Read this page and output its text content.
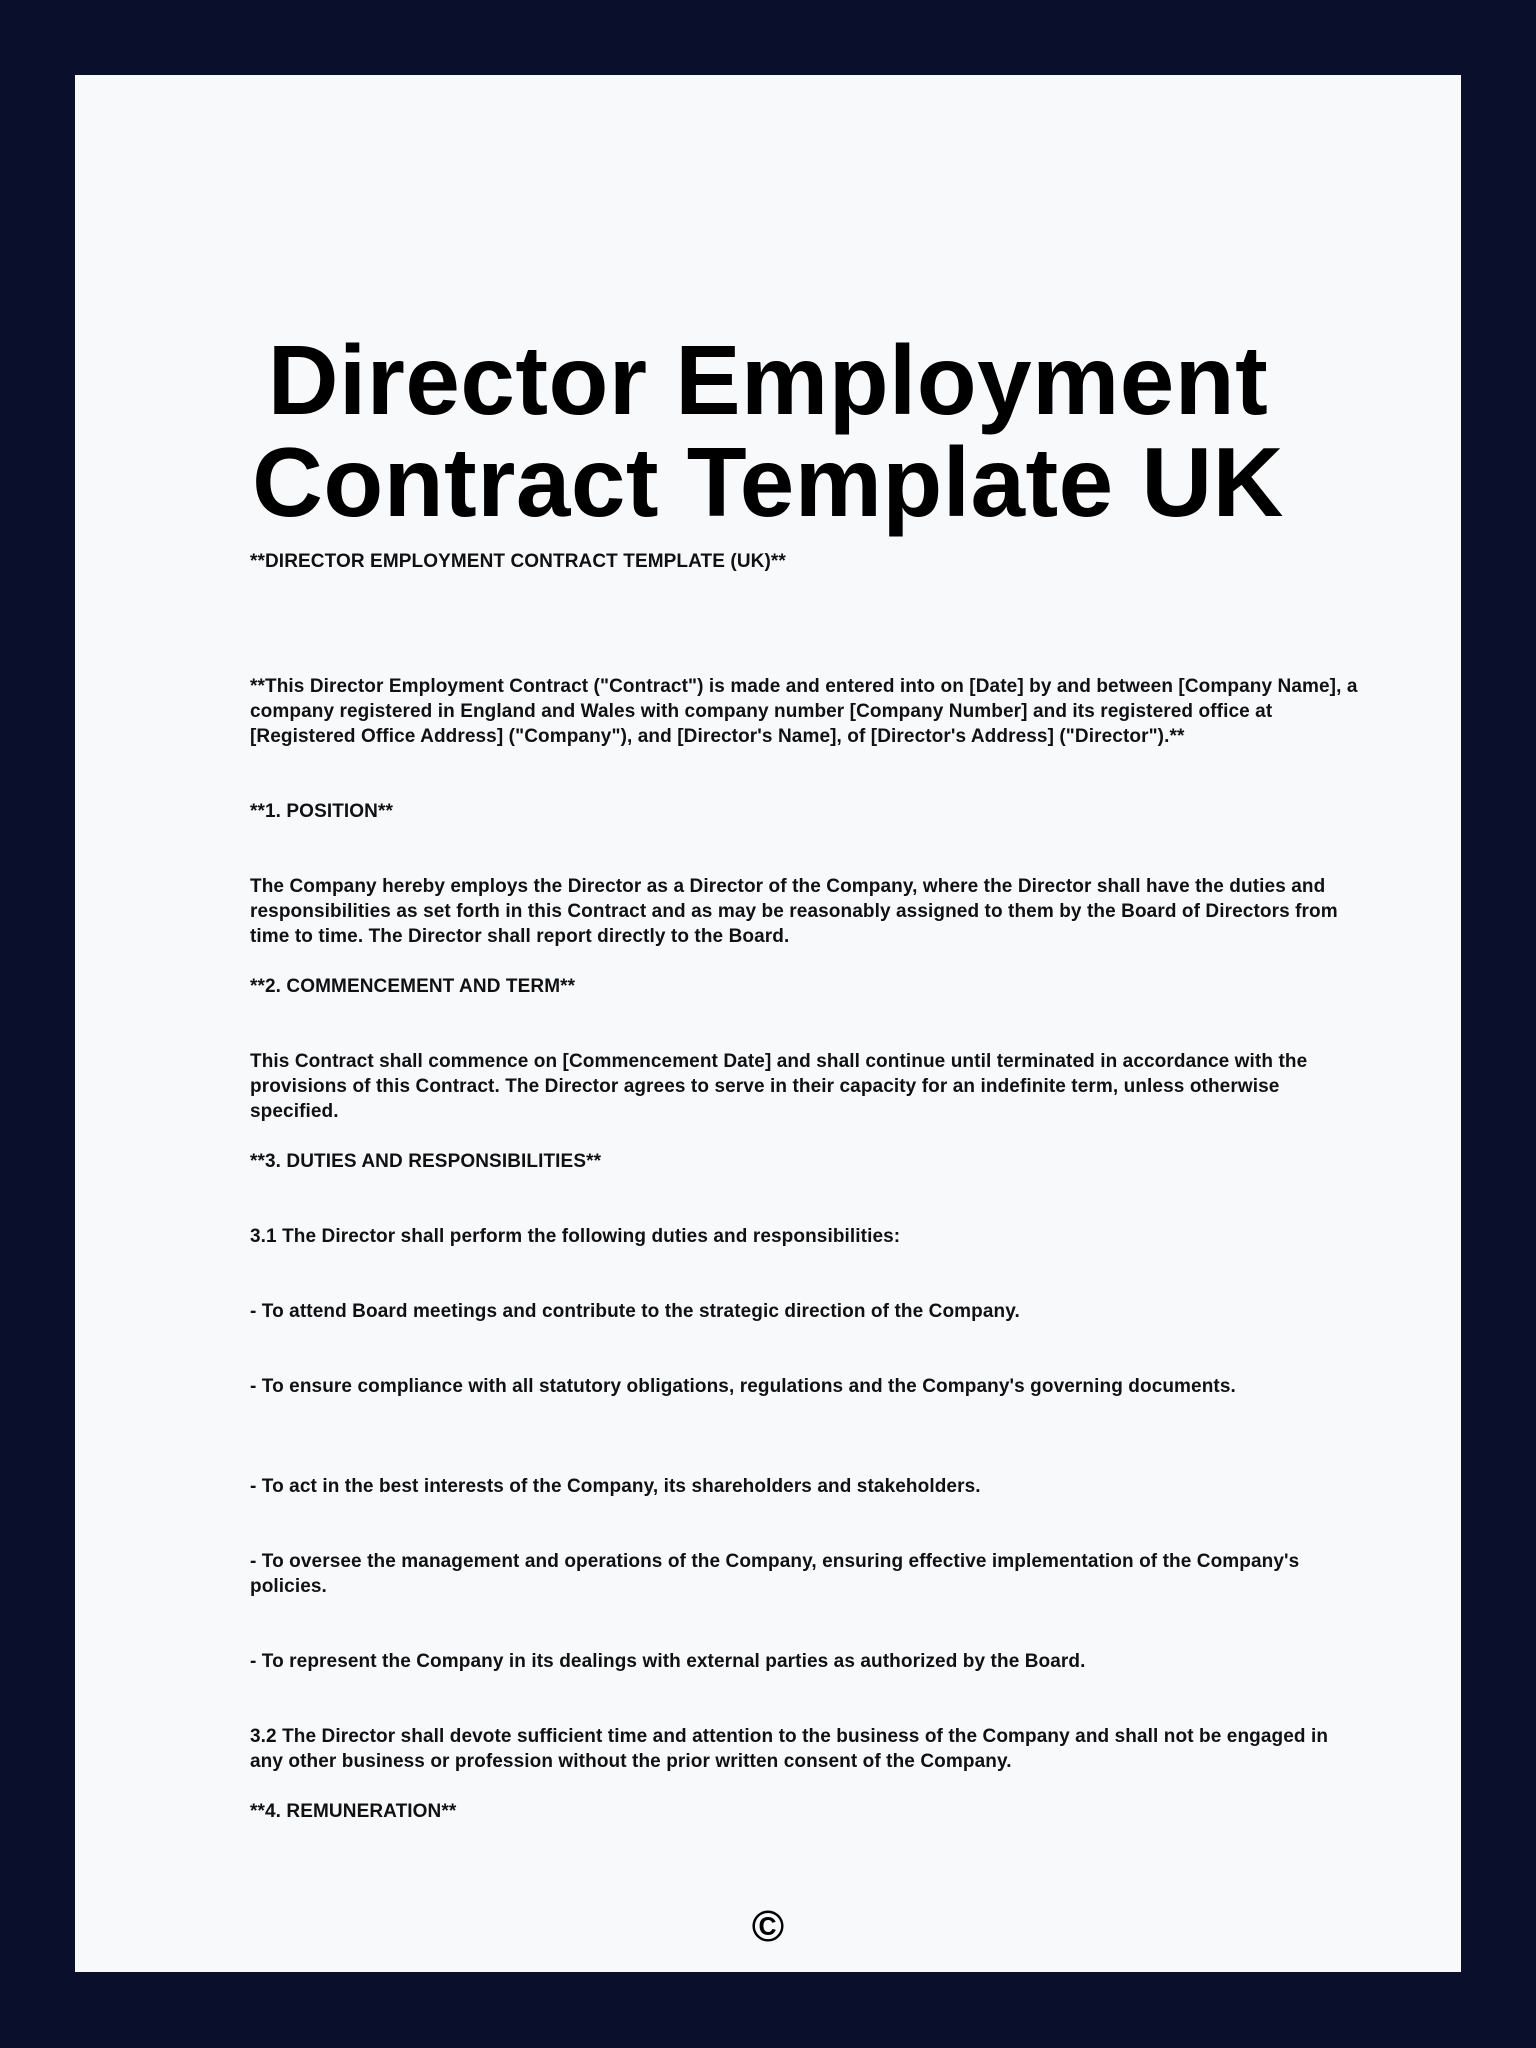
Director Employment Contract Template UK

**DIRECTOR EMPLOYMENT CONTRACT TEMPLATE (UK)**

**This Director Employment Contract ("Contract") is made and entered into on [Date] by and between [Company Name], a company registered in England and Wales with company number [Company Number] and its registered office at [Registered Office Address] ("Company"), and [Director's Name], of [Director's Address] ("Director").**

**1. POSITION**

The Company hereby employs the Director as a Director of the Company, where the Director shall have the duties and responsibilities as set forth in this Contract and as may be reasonably assigned to them by the Board of Directors from time to time. The Director shall report directly to the Board.

**2. COMMENCEMENT AND TERM**

This Contract shall commence on [Commencement Date] and shall continue until terminated in accordance with the provisions of this Contract. The Director agrees to serve in their capacity for an indefinite term, unless otherwise specified.

**3. DUTIES AND RESPONSIBILITIES**

3.1 The Director shall perform the following duties and responsibilities:

- To attend Board meetings and contribute to the strategic direction of the Company.

- To ensure compliance with all statutory obligations, regulations and the Company's governing documents.

- To act in the best interests of the Company, its shareholders and stakeholders.

- To oversee the management and operations of the Company, ensuring effective implementation of the Company's policies.

- To represent the Company in its dealings with external parties as authorized by the Board.

3.2 The Director shall devote sufficient time and attention to the business of the Company and shall not be engaged in any other business or profession without the prior written consent of the Company.

**4. REMUNERATION**

©
